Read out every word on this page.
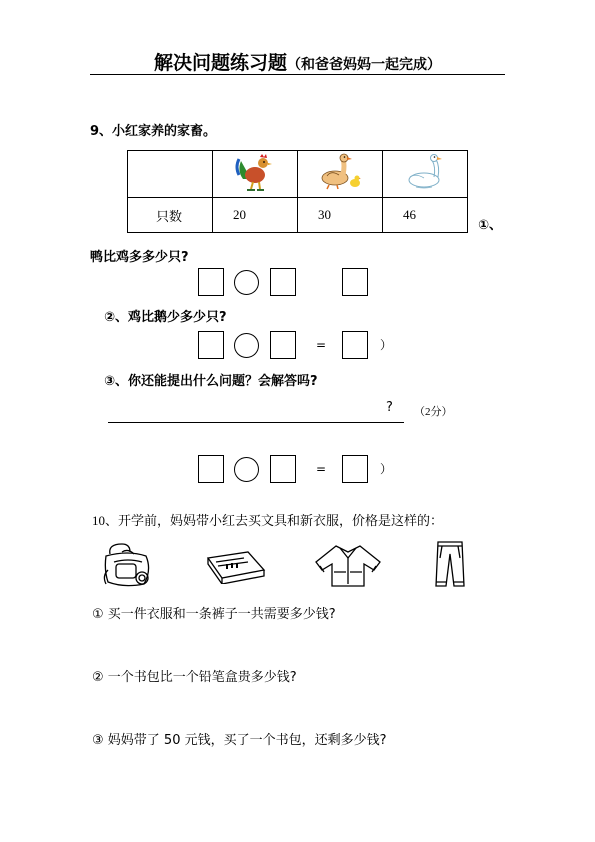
解决问题练习题（和爸爸妈妈一起完成）
9、小红家养的家畜。

只数	20	30	46
①、
鸭比鸡多多少只?
②、鸡比鹅少多少只?
=	）
③、你还能提出什么问题？会解答吗?
? （2分）
=	）
10、开学前，妈妈带小红去买文具和新衣服，价格是这样的：
① 买一件衣服和一条裤子一共需要多少钱?
② 一个书包比一个铅笔盒贵多少钱?
③ 妈妈带了 50 元钱，买了一个书包，还剩多少钱?
